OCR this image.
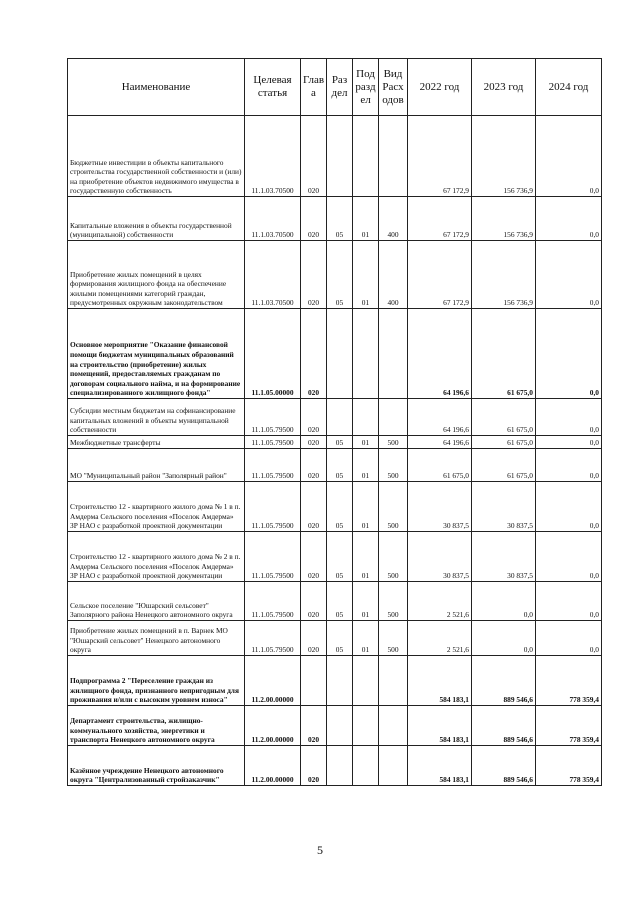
Наименование	Целевая статья	Глав а	Раз дел	Под разд ел	Вид Расх одов	2022 год	2023 год	2024 год
Бюджетные инвестиции в объекты капитального строительства государственной собственности и (или) на приобретение объектов недвижимого имущества в государственную собственность	11.1.03.70500	020				67 172,9	156 736,9	0,0
Капитальные вложения в объекты государственной (муниципальной) собственности	11.1.03.70500	020	05	01	400	67 172,9	156 736,9	0,0
Приобретение жилых помещений в целях формирования жилищного фонда на обеспечение жилыми помещениями категорий граждан, предусмотренных окружным законодательством	11.1.03.70500	020	05	01	400	67 172,9	156 736,9	0,0
Основное мероприятие "Оказание финансовой помощи бюджетам муниципальных образований на строительство (приобретение) жилых помещений, предоставляемых гражданам по договорам социального найма, и на формирование специализированного жилищного фонда"	11.1.05.00000	020				64 196,6	61 675,0	0,0
Субсидии местным бюджетам на софинансирование капитальных вложений в объекты муниципальной собственности	11.1.05.79500	020				64 196,6	61 675,0	0,0
Межбюджетные трансферты	11.1.05.79500	020	05	01	500	64 196,6	61 675,0	0,0
МО "Муниципальный район "Заполярный район"	11.1.05.79500	020	05	01	500	61 675,0	61 675,0	0,0
Строительство 12 - квартирного жилого дома № 1 в п. Амдерма Сельского поселения «Поселок Амдерма» ЗР НАО с разработкой проектной документации	11.1.05.79500	020	05	01	500	30 837,5	30 837,5	0,0
Строительство 12 - квартирного жилого дома № 2 в п. Амдерма Сельского поселения «Поселок Амдерма» ЗР НАО с разработкой проектной документации	11.1.05.79500	020	05	01	500	30 837,5	30 837,5	0,0
Сельское поселение "Юшарский сельсовет" Заполярного района Ненецкого автономного округа	11.1.05.79500	020	05	01	500	2 521,6	0,0	0,0
Приобретение жилых помещений в п. Варнек МО "Юшарский сельсовет" Ненецкого автономного округа	11.1.05.79500	020	05	01	500	2 521,6	0,0	0,0
Подпрограмма 2 "Переселение граждан из жилищного фонда, признанного непригодным для проживания и/или с высоким уровнем износа"	11.2.00.00000					584 183,1	889 546,6	778 359,4
Департамент строительства, жилищно-коммунального хозяйства, энергетики и транспорта Ненецкого автономного округа	11.2.00.00000	020				584 183,1	889 546,6	778 359,4
Казённое учреждение Ненецкого автономного округа "Централизованный стройзаказчик"	11.2.00.00000	020				584 183,1	889 546,6	778 359,4
5
